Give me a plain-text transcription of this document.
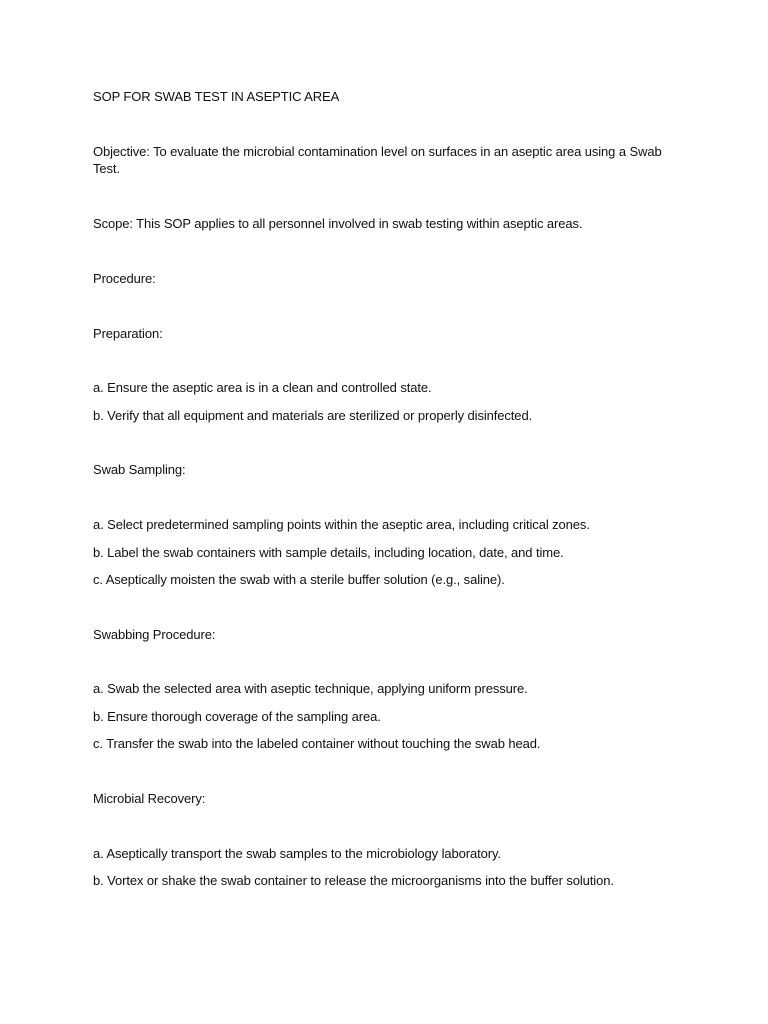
SOP FOR SWAB TEST IN ASEPTIC AREA
Objective: To evaluate the microbial contamination level on surfaces in an aseptic area using a Swab Test.
Scope: This SOP applies to all personnel involved in swab testing within aseptic areas.
Procedure:
Preparation:
a. Ensure the aseptic area is in a clean and controlled state.
b. Verify that all equipment and materials are sterilized or properly disinfected.
Swab Sampling:
a. Select predetermined sampling points within the aseptic area, including critical zones.
b. Label the swab containers with sample details, including location, date, and time.
c. Aseptically moisten the swab with a sterile buffer solution (e.g., saline).
Swabbing Procedure:
a. Swab the selected area with aseptic technique, applying uniform pressure.
b. Ensure thorough coverage of the sampling area.
c. Transfer the swab into the labeled container without touching the swab head.
Microbial Recovery:
a. Aseptically transport the swab samples to the microbiology laboratory.
b. Vortex or shake the swab container to release the microorganisms into the buffer solution.
